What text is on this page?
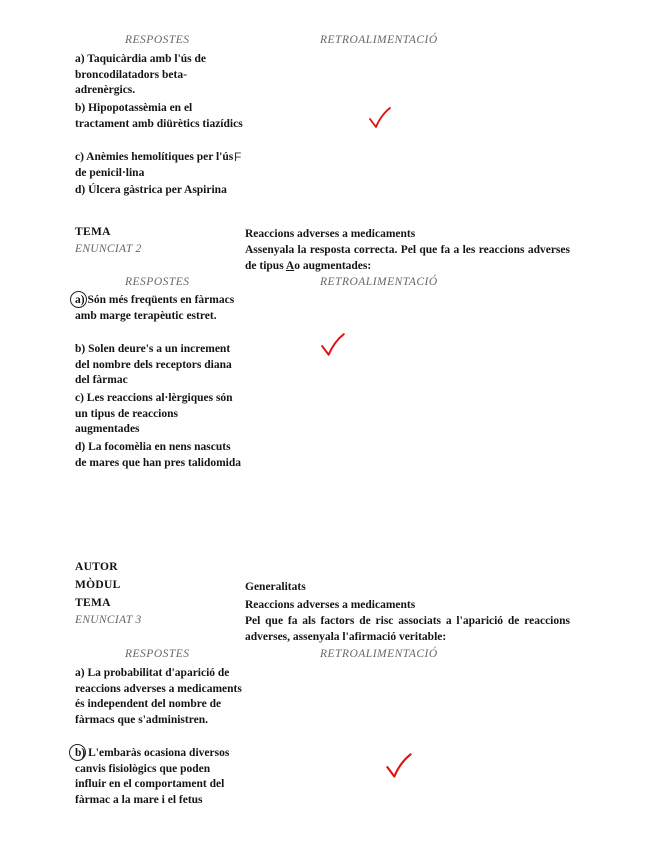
RESPOSTES	RETROALIMENTACIÓ
a) Taquicàrdia amb l'ús de broncodilatadors beta-adrenèrgics.
b) Hipopotassèmia en el tractament amb diürètics tiazídics
c) Anèmies hemolítiques per l'ús de penicil·lina
d) Úlcera gàstrica per Aspirina
F
TEMA	Reaccions adverses a medicaments
ENUNCIAT 2	Assenyala la resposta correcta. Pel que fa a les reaccions adverses de tipus Ao augmentades:
RESPOSTES	RETROALIMENTACIÓ
a) Són més freqüents en fàrmacs amb marge terapèutic estret.
b) Solen deure's a un increment del nombre dels receptors diana del fàrmac
c) Les reaccions al·lèrgiques són un tipus de reaccions augmentades
d) La focomèlia en nens nascuts de mares que han pres talidomida
AUTOR
MÒDUL	Generalitats
TEMA	Reaccions adverses a medicaments
ENUNCIAT 3	Pel que fa als factors de risc associats a l'aparició de reaccions adverses, assenyala l'afirmació veritable:
RESPOSTES	RETROALIMENTACIÓ
a) La probabilitat d'aparició de reaccions adverses a medicaments és independent del nombre de fàrmacs que s'administren.
b) L'embaràs ocasiona diversos canvis fisiològics que poden influir en el comportament del fàrmac a la mare i el fetus
